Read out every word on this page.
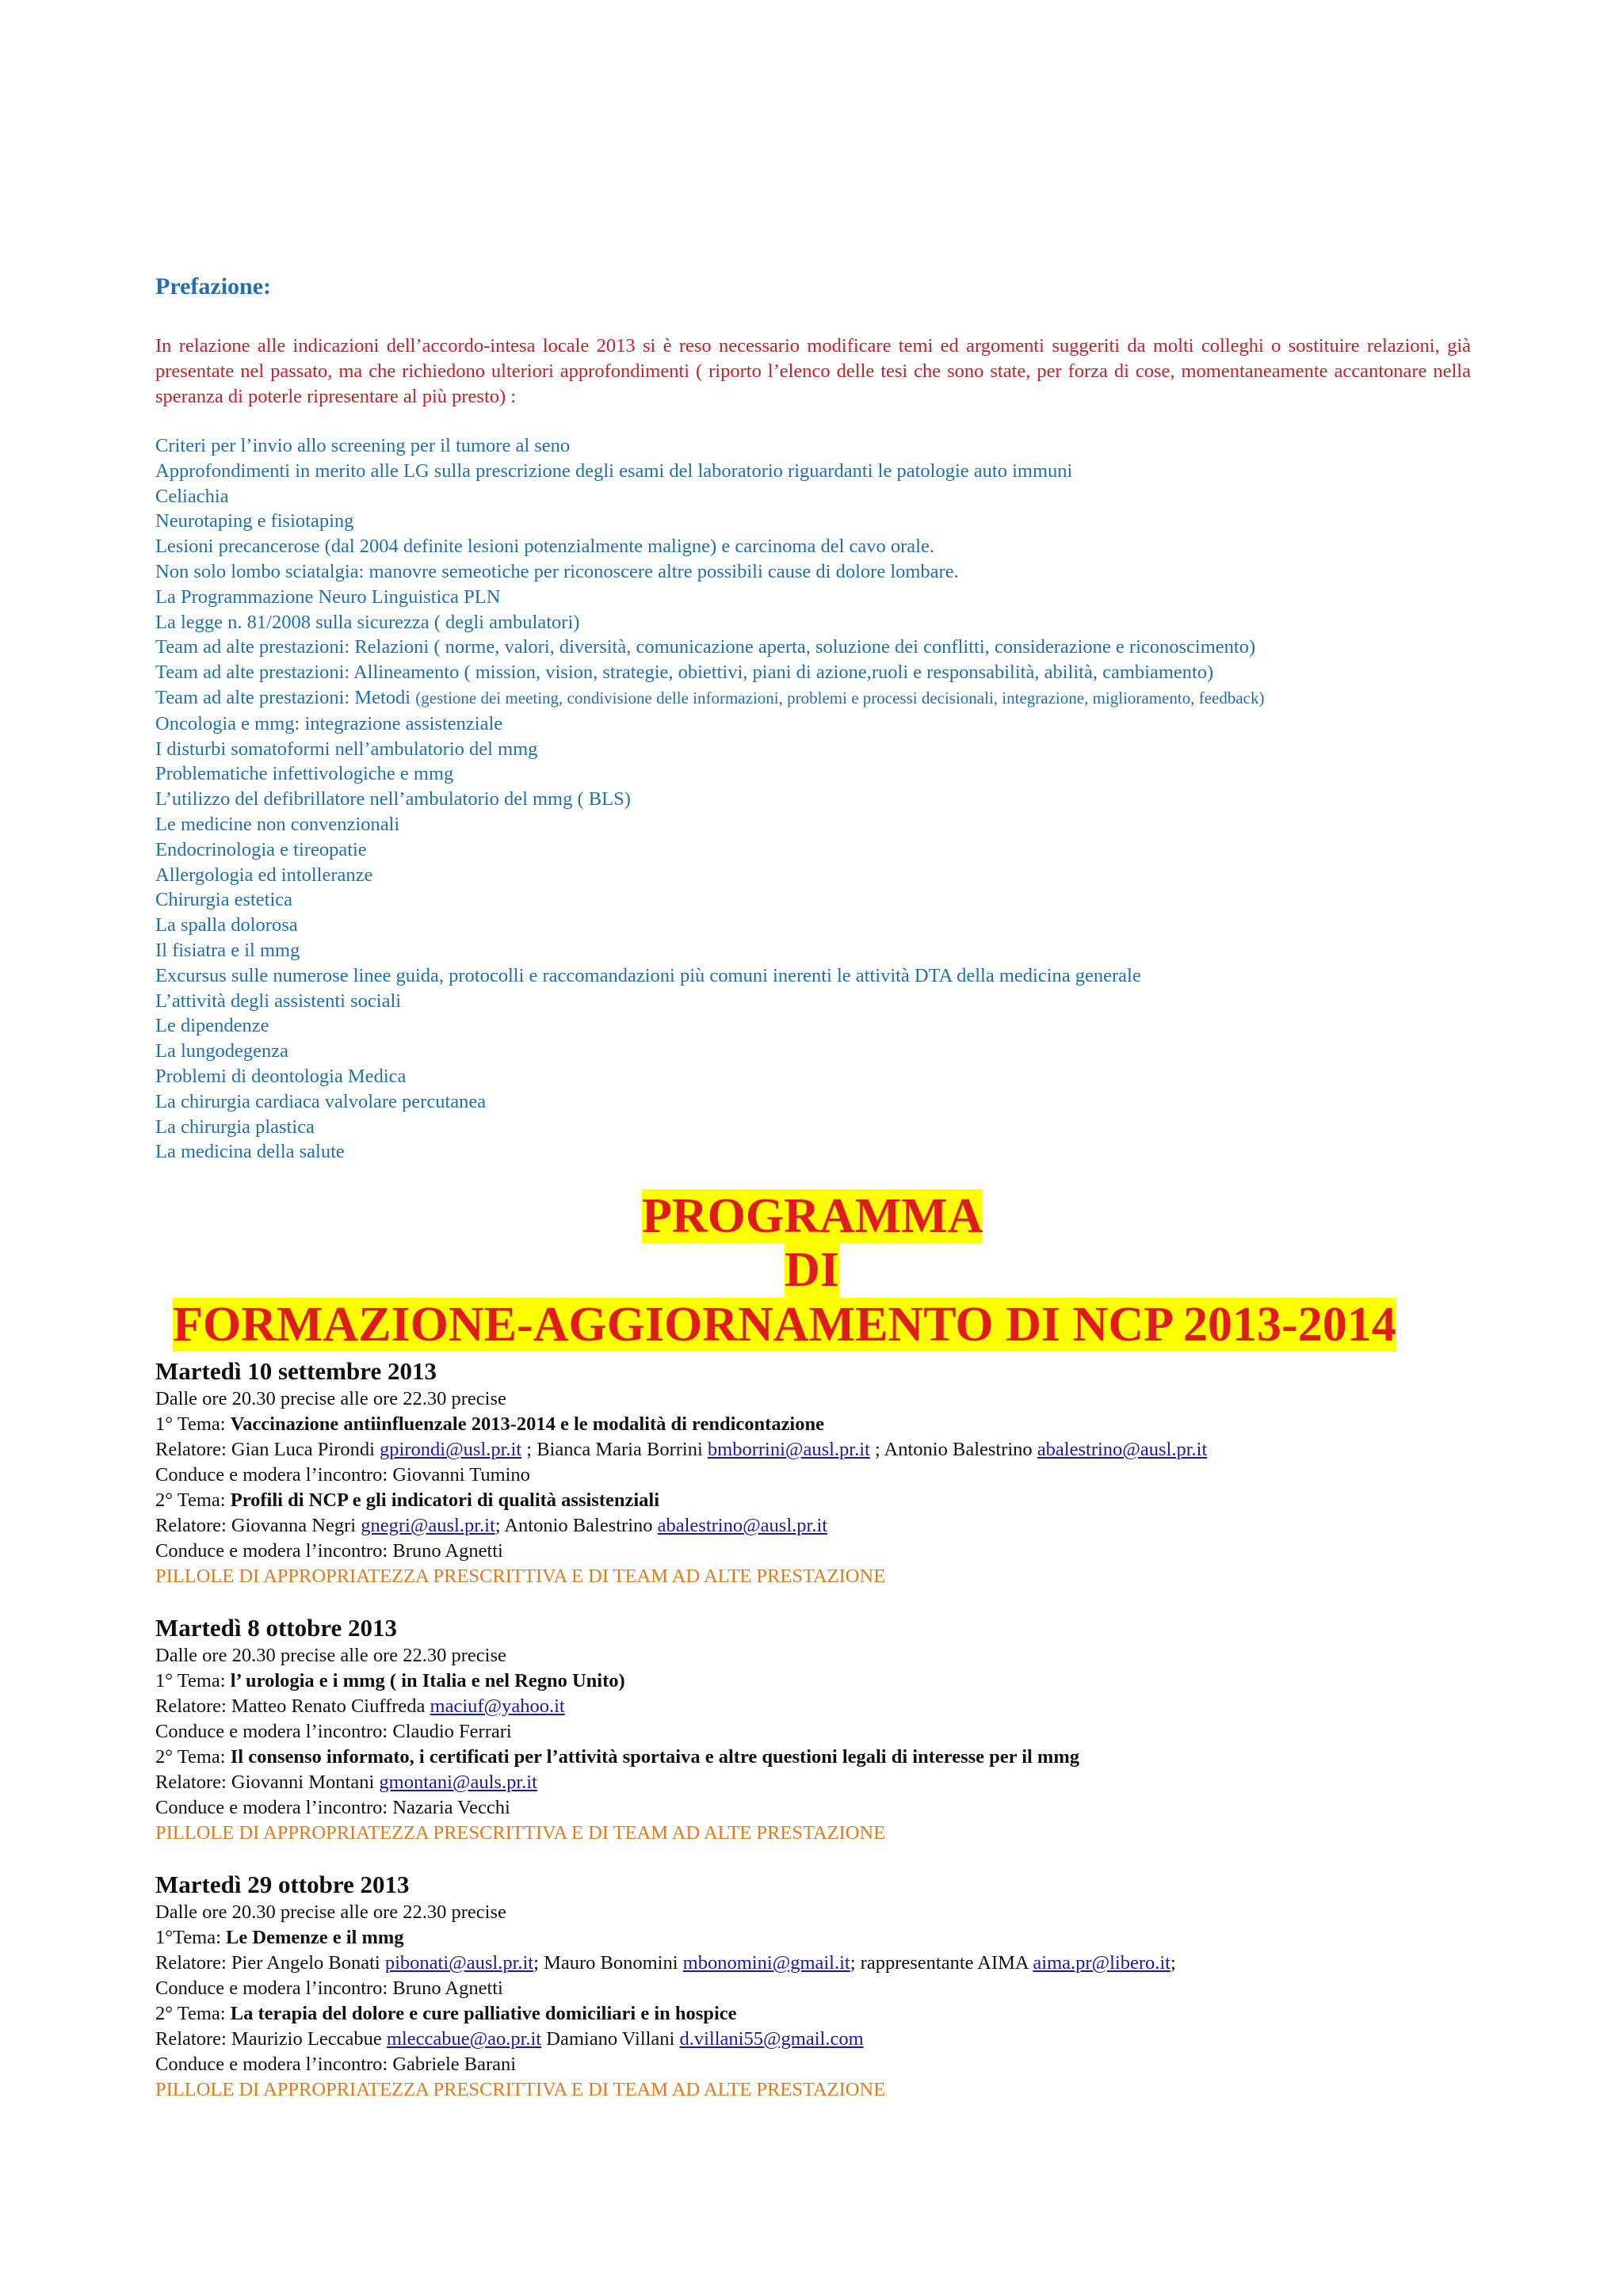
Prefazione:
In relazione alle indicazioni dell’accordo-intesa locale 2013 si è reso necessario modificare temi ed argomenti suggeriti da molti colleghi o sostituire relazioni, già presentate nel passato, ma che richiedono ulteriori approfondimenti ( riporto l’elenco delle tesi che sono state, per forza di cose, momentaneamente accantonare nella speranza di poterle ripresentare al più presto) :
Criteri per l’invio allo screening per il tumore al seno
Approfondimenti in merito alle LG sulla prescrizione degli esami del laboratorio riguardanti le patologie auto immuni
Celiachia
Neurotaping e fisiotaping
Lesioni precancerose (dal 2004 definite lesioni potenzialmente maligne) e carcinoma del cavo orale.
Non solo lombo sciatalgia: manovre semeotiche per riconoscere altre possibili cause di dolore lombare.
La Programmazione Neuro Linguistica PLN
La legge n. 81/2008 sulla sicurezza ( degli ambulatori)
Team ad alte prestazioni: Relazioni ( norme, valori, diversità, comunicazione aperta, soluzione dei conflitti, considerazione e riconoscimento)
Team ad alte prestazioni: Allineamento ( mission, vision, strategie, obiettivi, piani di azione,ruoli e responsabilità, abilità, cambiamento)
Team ad alte prestazioni: Metodi (gestione dei meeting, condivisione delle informazioni, problemi e processi decisionali, integrazione, miglioramento, feedback)
Oncologia e mmg: integrazione assistenziale
I disturbi somatoformi nell’ambulatorio del mmg
Problematiche infettivologiche e mmg
L’utilizzo del defibrillatore nell’ambulatorio del mmg ( BLS)
Le medicine non convenzionali
Endocrinologia e tireopatie
Allergologia ed intolleranze
Chirurgia estetica
La spalla dolorosa
Il fisiatra e il mmg
Excursus sulle numerose linee guida, protocolli e raccomandazioni più comuni inerenti le attività DTA della medicina generale
L’attività degli assistenti sociali
Le dipendenze
La lungodegenza
Problemi di deontologia Medica
La chirurgia cardiaca valvolare percutanea
La chirurgia plastica
La medicina della salute
PROGRAMMA
DI
FORMAZIONE-AGGIORNAMENTO DI NCP 2013-2014
Martedì 10 settembre 2013
Dalle ore 20.30 precise alle ore 22.30 precise
1° Tema: Vaccinazione antiinfluenzale 2013-2014 e le modalità di rendicontazione
Relatore: Gian Luca Pirondi gpirondi@usl.pr.it ; Bianca Maria Borrini bmborrini@ausl.pr.it ; Antonio Balestrino abalestrino@ausl.pr.it
Conduce e modera l’incontro: Giovanni Tumino
2° Tema: Profili di NCP e gli indicatori di qualità assistenziali
Relatore: Giovanna Negri gnegri@ausl.pr.it; Antonio Balestrino abalestrino@ausl.pr.it
Conduce e modera l’incontro: Bruno Agnetti
PILLOLE DI APPROPRIATEZZA PRESCRITTIVA E DI TEAM AD ALTE PRESTAZIONE
Martedì 8 ottobre 2013
Dalle ore 20.30 precise alle ore 22.30 precise
1° Tema: l’ urologia e i mmg ( in Italia e nel Regno Unito)
Relatore: Matteo Renato Ciuffreda maciuf@yahoo.it
Conduce e modera l’incontro: Claudio Ferrari
2° Tema: Il consenso informato, i certificati per l’attività sportaiva e altre questioni legali di interesse per il mmg
Relatore: Giovanni Montani gmontani@auls.pr.it
Conduce e modera l’incontro: Nazaria Vecchi
PILLOLE DI APPROPRIATEZZA PRESCRITTIVA E DI TEAM AD ALTE PRESTAZIONE
Martedì 29 ottobre 2013
Dalle ore 20.30 precise alle ore 22.30 precise
1°Tema: Le Demenze e il mmg
Relatore: Pier Angelo Bonati pibonati@ausl.pr.it; Mauro Bonomini mbonomini@gmail.it; rappresentante AIMA aima.pr@libero.it;
Conduce e modera l’incontro: Bruno Agnetti
2° Tema: La terapia del dolore e cure palliative domiciliari e in hospice
Relatore: Maurizio Leccabue mleccabue@ao.pr.it Damiano Villani d.villani55@gmail.com
Conduce e modera l’incontro: Gabriele Barani
PILLOLE DI APPROPRIATEZZA PRESCRITTIVA E DI TEAM AD ALTE PRESTAZIONE
